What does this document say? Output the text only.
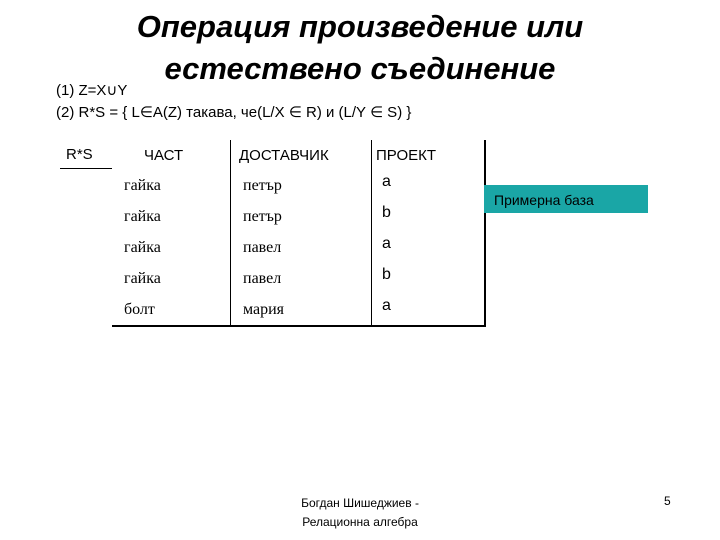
Операция произведение или
естествено съединение
(1) Z=X∪Y
(2) R*S = { L∈A(Z) такава, че(L/X ∈ R) и (L/Y ∈ S) }
R*S	ЧАСТ	ДОСТАВЧИК	ПРОЕКТ
гайка	петър	a
гайка	петър	b
гайка	павел	a
гайка	павел	b
болт	мария	a
Примерна база
Богдан Шишеджиев -
Релационна алгебра
5
